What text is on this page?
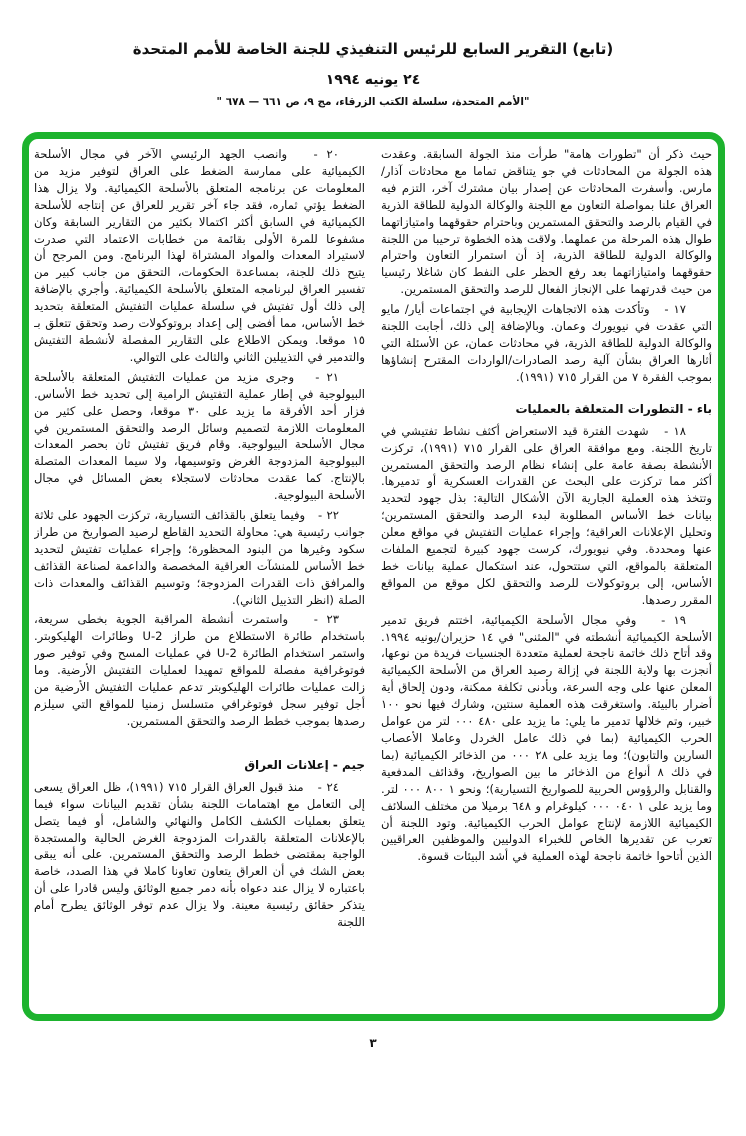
(تابع) التقرير السابع للرئيس التنفيذي للجنة الخاصة للأمم المتحدة
٢٤ يونيه ١٩٩٤
"الأمم المتحدة، سلسلة الكتب الزرقاء، مج ٩، ص ٦٦١ — ٦٧٨ "

حيث ذكر أن "تطورات هامة" طرأت منذ الجولة السابقة. وعقدت هذه الجولة من المحادثات في جو يتناقض تماما مع محادثات آذار/ مارس. وأسفرت المحادثات عن إصدار بيان مشترك آخر، التزم فيه العراق علنا بمواصلة التعاون مع اللجنة والوكالة الدولية للطاقة الذرية في القيام بالرصد والتحقق المستمرين وباحترام حقوقهما وامتيازاتهما طوال هذه المرحلة من عملهما. ولاقت هذه الخطوة ترحيبا من اللجنة والوكالة الدولية للطاقة الذرية، إذ أن استمرار التعاون واحترام حقوقهما وامتيازاتهما بعد رفع الحظر على النفط كان شاغلا رئيسيا من حيث قدرتهما على الإنجاز الفعال للرصد والتحقق المستمرين.

١٧ -   وتأكدت هذه الاتجاهات الإيجابية في اجتماعات أيار/ مايو التي عقدت في نيويورك وعمان. وبالإضافة إلى ذلك، أجابت اللجنة والوكالة الدولية للطاقة الذرية، في محادثات عمان، عن الأسئلة التي أثارها العراق بشأن آلية رصد الصادرات/الواردات المقترح إنشاؤها بموجب الفقرة ٧ من القرار ٧١٥ (١٩٩١).

باء - التطورات المتعلقة بالعمليات

١٨ -   شهدت الفترة قيد الاستعراض أكثف نشاط تفتيشي في تاريخ اللجنة. ومع موافقة العراق على القرار ٧١٥ (١٩٩١)، تركزت الأنشطة بصفة عامة على إنشاء نظام الرصد والتحقق المستمرين أكثر مما تركزت على البحث عن القدرات العسكرية أو تدميرها. وتتخذ هذه العملية الجارية الآن الأشكال التالية: بذل جهود لتحديد بيانات خط الأساس المطلوبة لبدء الرصد والتحقق المستمرين؛ وتحليل الإعلانات العراقية؛ وإجراء عمليات التفتيش في مواقع معلن عنها ومحددة. وفي نيويورك، كرست جهود كبيرة لتجميع الملفات المتعلقة بالمواقع، التي ستتحول، عند استكمال عملية بيانات خط الأساس، إلى بروتوكولات للرصد والتحقق لكل موقع من المواقع المقرر رصدها.

١٩ -   وفي مجال الأسلحة الكيميائية، اختتم فريق تدمير الأسلحة الكيميائية أنشطته في "المثنى" في ١٤ حزيران/يونيه ١٩٩٤. وقد أتاح ذلك خاتمة ناجحة لعملية متعددة الجنسيات فريدة من نوعها، أنجزت بها ولاية اللجنة في إزالة رصيد العراق من الأسلحة الكيميائية المعلن عنها على وجه السرعة، وبأدنى تكلفة ممكنة، ودون إلحاق أية أضرار بالبيئة. واستغرقت هذه العملية سنتين، وشارك فيها نحو ١٠٠ خبير، وتم خلالها تدمير ما يلي: ما يزيد على ٤٨٠ ٠٠٠ لتر من عوامل الحرب الكيميائية (بما في ذلك عامل الخردل وعاملا الأعصاب السارين والتابون)؛ وما يزيد على ٢٨ ٠٠٠ من الذخائر الكيميائية (بما في ذلك ٨ أنواع من الذخائر ما بين الصواريخ، وقذائف المدفعية والقنابل والرؤوس الحربية للصواريخ التسيارية)؛ ونحو ١ ٨٠٠ ٠٠٠ لتر. وما يزيد على ١ ٠٤٠ ٠٠٠ كيلوغرام و ٦٤٨ برميلا من مختلف السلائف الكيميائية اللازمة لإنتاج عوامل الحرب الكيميائية. وتود اللجنة أن تعرب عن تقديرها الخاص للخبراء الدوليين والموظفين العراقيين الذين أتاحوا خاتمة ناجحة لهذه العملية في أشد البيئات قسوة.

٢٠ -   وانصب الجهد الرئيسي الآخر في مجال الأسلحة الكيميائية على ممارسة الضغط على العراق لتوفير مزيد من المعلومات عن برنامجه المتعلق بالأسلحة الكيميائية. ولا يزال هذا الضغط يؤتي ثماره، فقد جاء آخر تقرير للعراق عن إنتاجه للأسلحة الكيميائية في السابق أكثر اكتمالا بكثير من التقارير السابقة وكان مشفوعا للمرة الأولى بقائمة من خطابات الاعتماد التي صدرت لاستيراد المعدات والمواد المشتراة لهذا البرنامج. ومن المرجح أن يتيح ذلك للجنة، بمساعدة الحكومات، التحقق من جانب كبير من تفسير العراق لبرنامجه المتعلق بالأسلحة الكيميائية. وأجري بالإضافة إلى ذلك أول تفتيش في سلسلة عمليات التفتيش المتعلقة بتحديد خط الأساس، مما أفضى إلى إعداد بروتوكولات رصد وتحقق تتعلق بـ ١٥ موقعا. ويمكن الاطلاع على التقارير المفصلة لأنشطة التفتيش والتدمير في التذييلين الثاني والثالث على التوالي.

٢١ -   وجرى مزيد من عمليات التفتيش المتعلقة بالأسلحة البيولوجية في إطار عملية التفتيش الرامية إلى تحديد خط الأساس. فزار أحد الأفرقة ما يزيد على ٣٠ موقعا، وحصل على كثير من المعلومات اللازمة لتصميم وسائل الرصد والتحقق المستمرين في مجال الأسلحة البيولوجية. وقام فريق تفتيش ثان بحصر المعدات البيولوجية المزدوجة الغرض وتوسيمها، ولا سيما المعدات المتصلة بالإنتاج. كما عقدت محادثات لاستجلاء بعض المسائل في مجال الأسلحة البيولوجية.

٢٢ -   وفيما يتعلق بالقذائف التسيارية، تركزت الجهود على ثلاثة جوانب رئيسية هي: محاولة التحديد القاطع لرصيد الصواريخ من طراز سكود وغيرها من البنود المحظورة؛ وإجراء عمليات تفتيش لتحديد خط الأساس للمنشآت العراقية المخصصة والداعمة لصناعة القذائف والمرافق ذات القدرات المزدوجة؛ وتوسيم القذائف والمعدات ذات الصلة (انظر التذييل الثاني).

٢٣ -   واستمرت أنشطة المراقبة الجوية بخطى سريعة، باستخدام طائرة الاستطلاع من طراز U-2 وطائرات الهليكوبتر. واستمر استخدام الطائرة U-2 في عمليات المسح وفي توفير صور فوتوغرافية مفصلة للمواقع تمهيدا لعمليات التفتيش الأرضية. وما زالت عمليات طائرات الهليكوبتر تدعم عمليات التفتيش الأرضية من أجل توفير سجل فوتوغرافي متسلسل زمنيا للمواقع التي سيلزم رصدها بموجب خطط الرصد والتحقق المستمرين.

جيم - إعلانات العراق

٢٤ -   منذ قبول العراق القرار ٧١٥ (١٩٩١)، ظل العراق يسعى إلى التعامل مع اهتمامات اللجنة بشأن تقديم البيانات سواء فيما يتعلق بعمليات الكشف الكامل والنهائي والشامل، أو فيما يتصل بالإعلانات المتعلقة بالقدرات المزدوجة الغرض الحالية والمستجدة الواجبة بمقتضى خطط الرصد والتحقق المستمرين. على أنه يبقى بعض الشك في أن العراق يتعاون تعاونا كاملا في هذا الصدد، خاصة باعتباره لا يزال عند دعواه بأنه دمر جميع الوثائق وليس قادرا على أن يتذكر حقائق رئيسية معينة. ولا يزال عدم توفر الوثائق يطرح أمام اللجنة

٣
